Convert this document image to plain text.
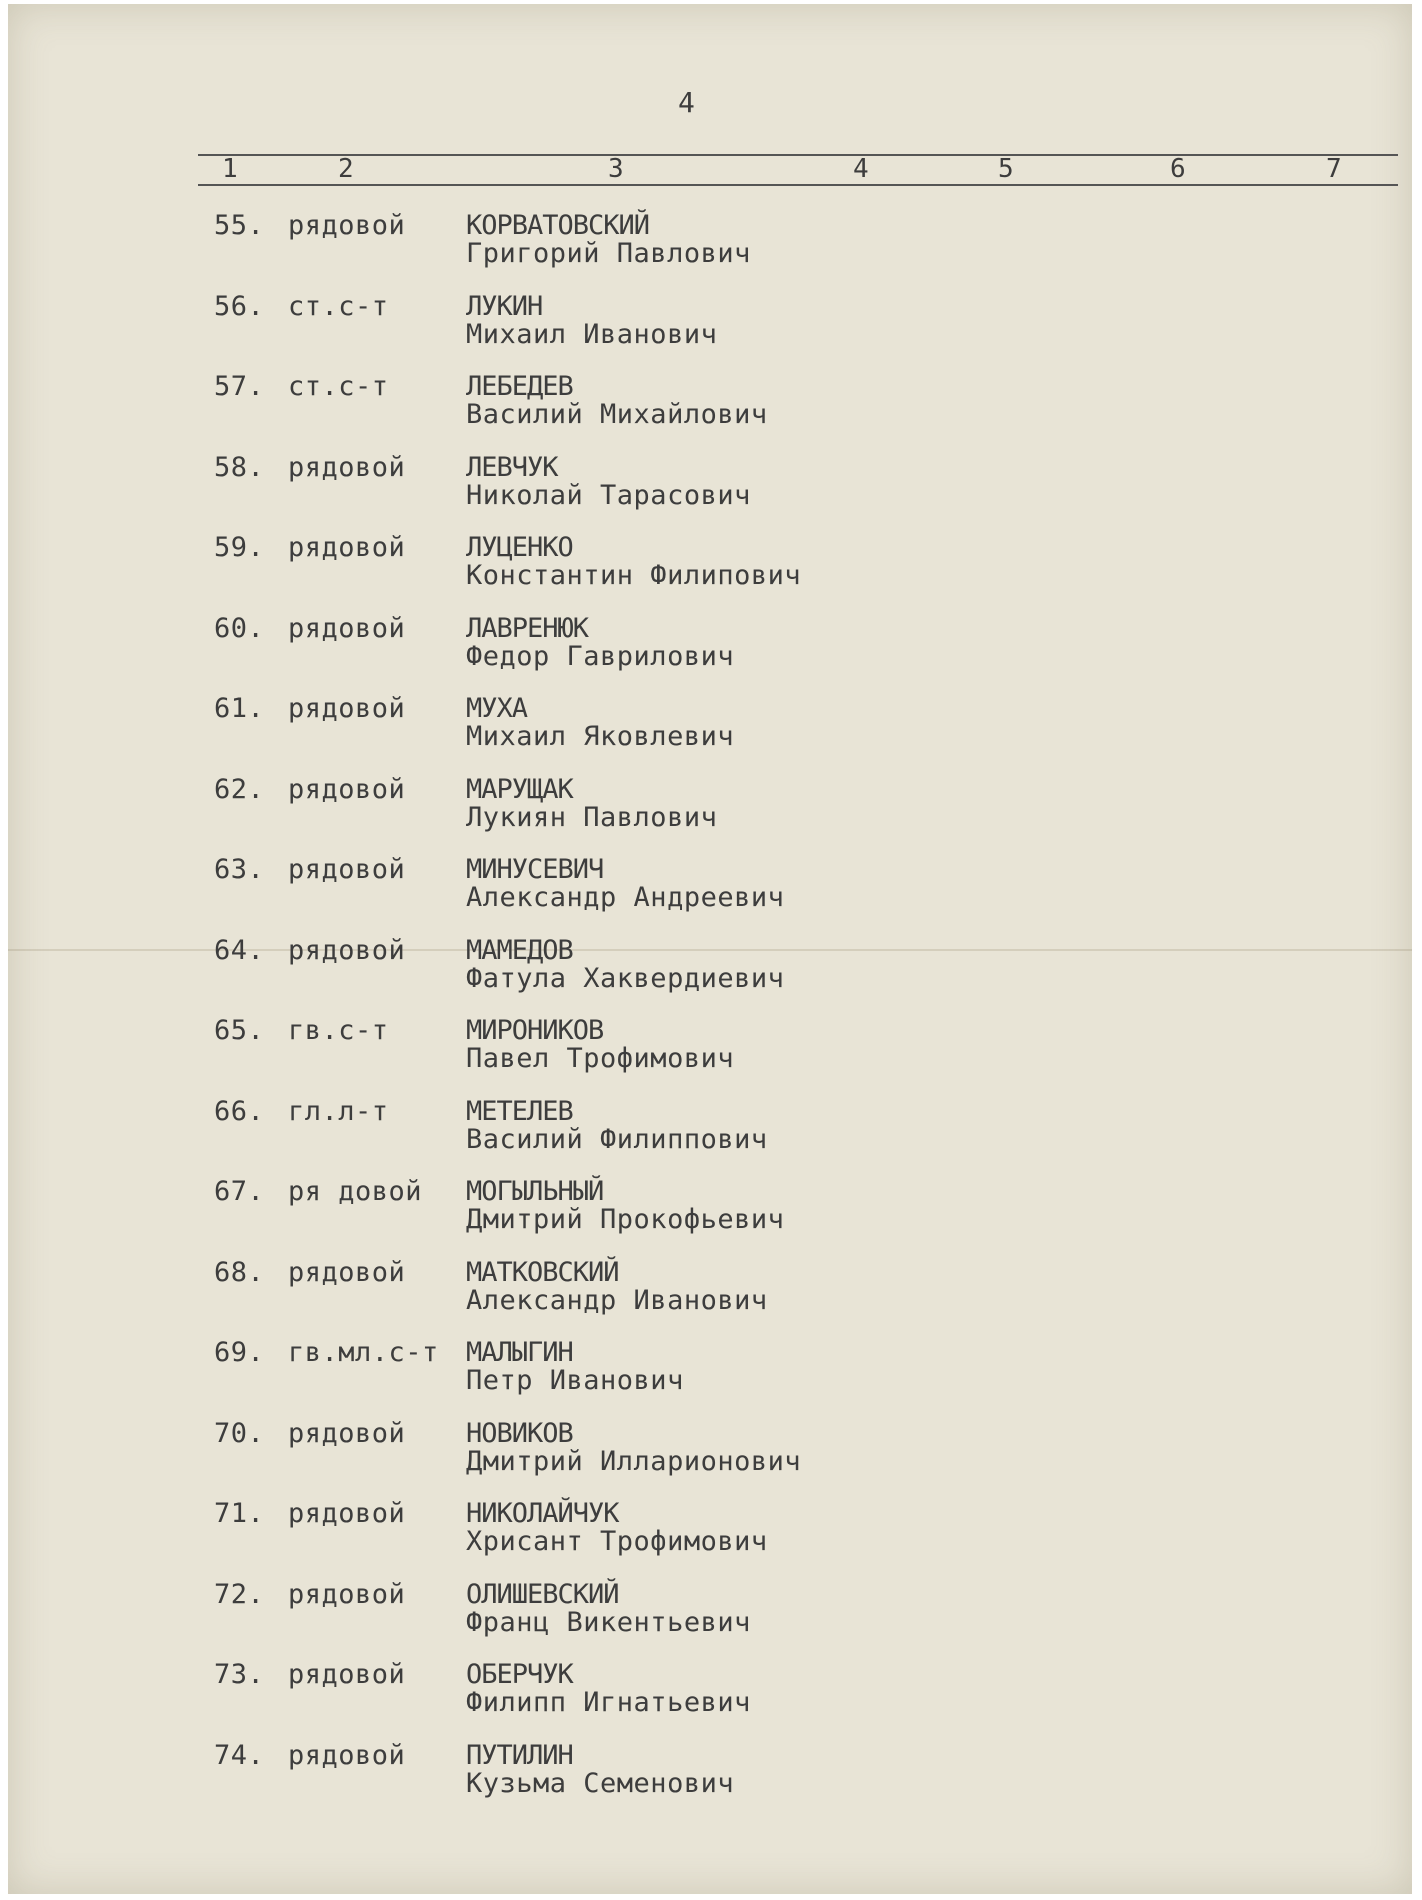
4
1	2	3	4	5	6	7
55. рядовой КОРВАТОВСКИЙ
Григорий Павлович
56. ст.с-т	ЛУКИН
Михаил Иванович
57. ст.с-т	ЛЕБЕДЕВ
Василий Михайлович
58. рядовой ЛЕВЧУК
Николай Тарасович
59. рядовой ЛУЦЕНКО
Константин Филипович
60. рядовой ЛАВРЕНЮК
Федор Гаврилович
61. рядовой МУХА
Михаил Яковлевич
62. рядовой МАРУЩАК
Лукиян Павлович
63. рядовой МИНУСЕВИЧ
Александр Андреевич
64. рядовой МАМЕДОВ
Фатула Хаквердиевич
65. гв.с-т	МИРОНИКОВ
Павел Трофимович
66. гл.л-т	МЕТЕЛЕВ
Василий Филиппович
67. ря довой МОГЫЛЬНЫЙ
Дмитрий Прокофьевич
68. рядовой МАТКОВСКИЙ
Александр Иванович
69. гв.мл.с-т МАЛЫГИН
Петр Иванович
70. рядовой НОВИКОВ
Дмитрий Илларионович
71. рядовой НИКОЛАЙЧУК
Хрисант Трофимович
72. рядовой ОЛИШЕВСКИЙ
Франц Викентьевич
73. рядовой ОБЕРЧУК
Филипп Игнатьевич
74. рядовой ПУТИЛИН
Кузьма Семенович
